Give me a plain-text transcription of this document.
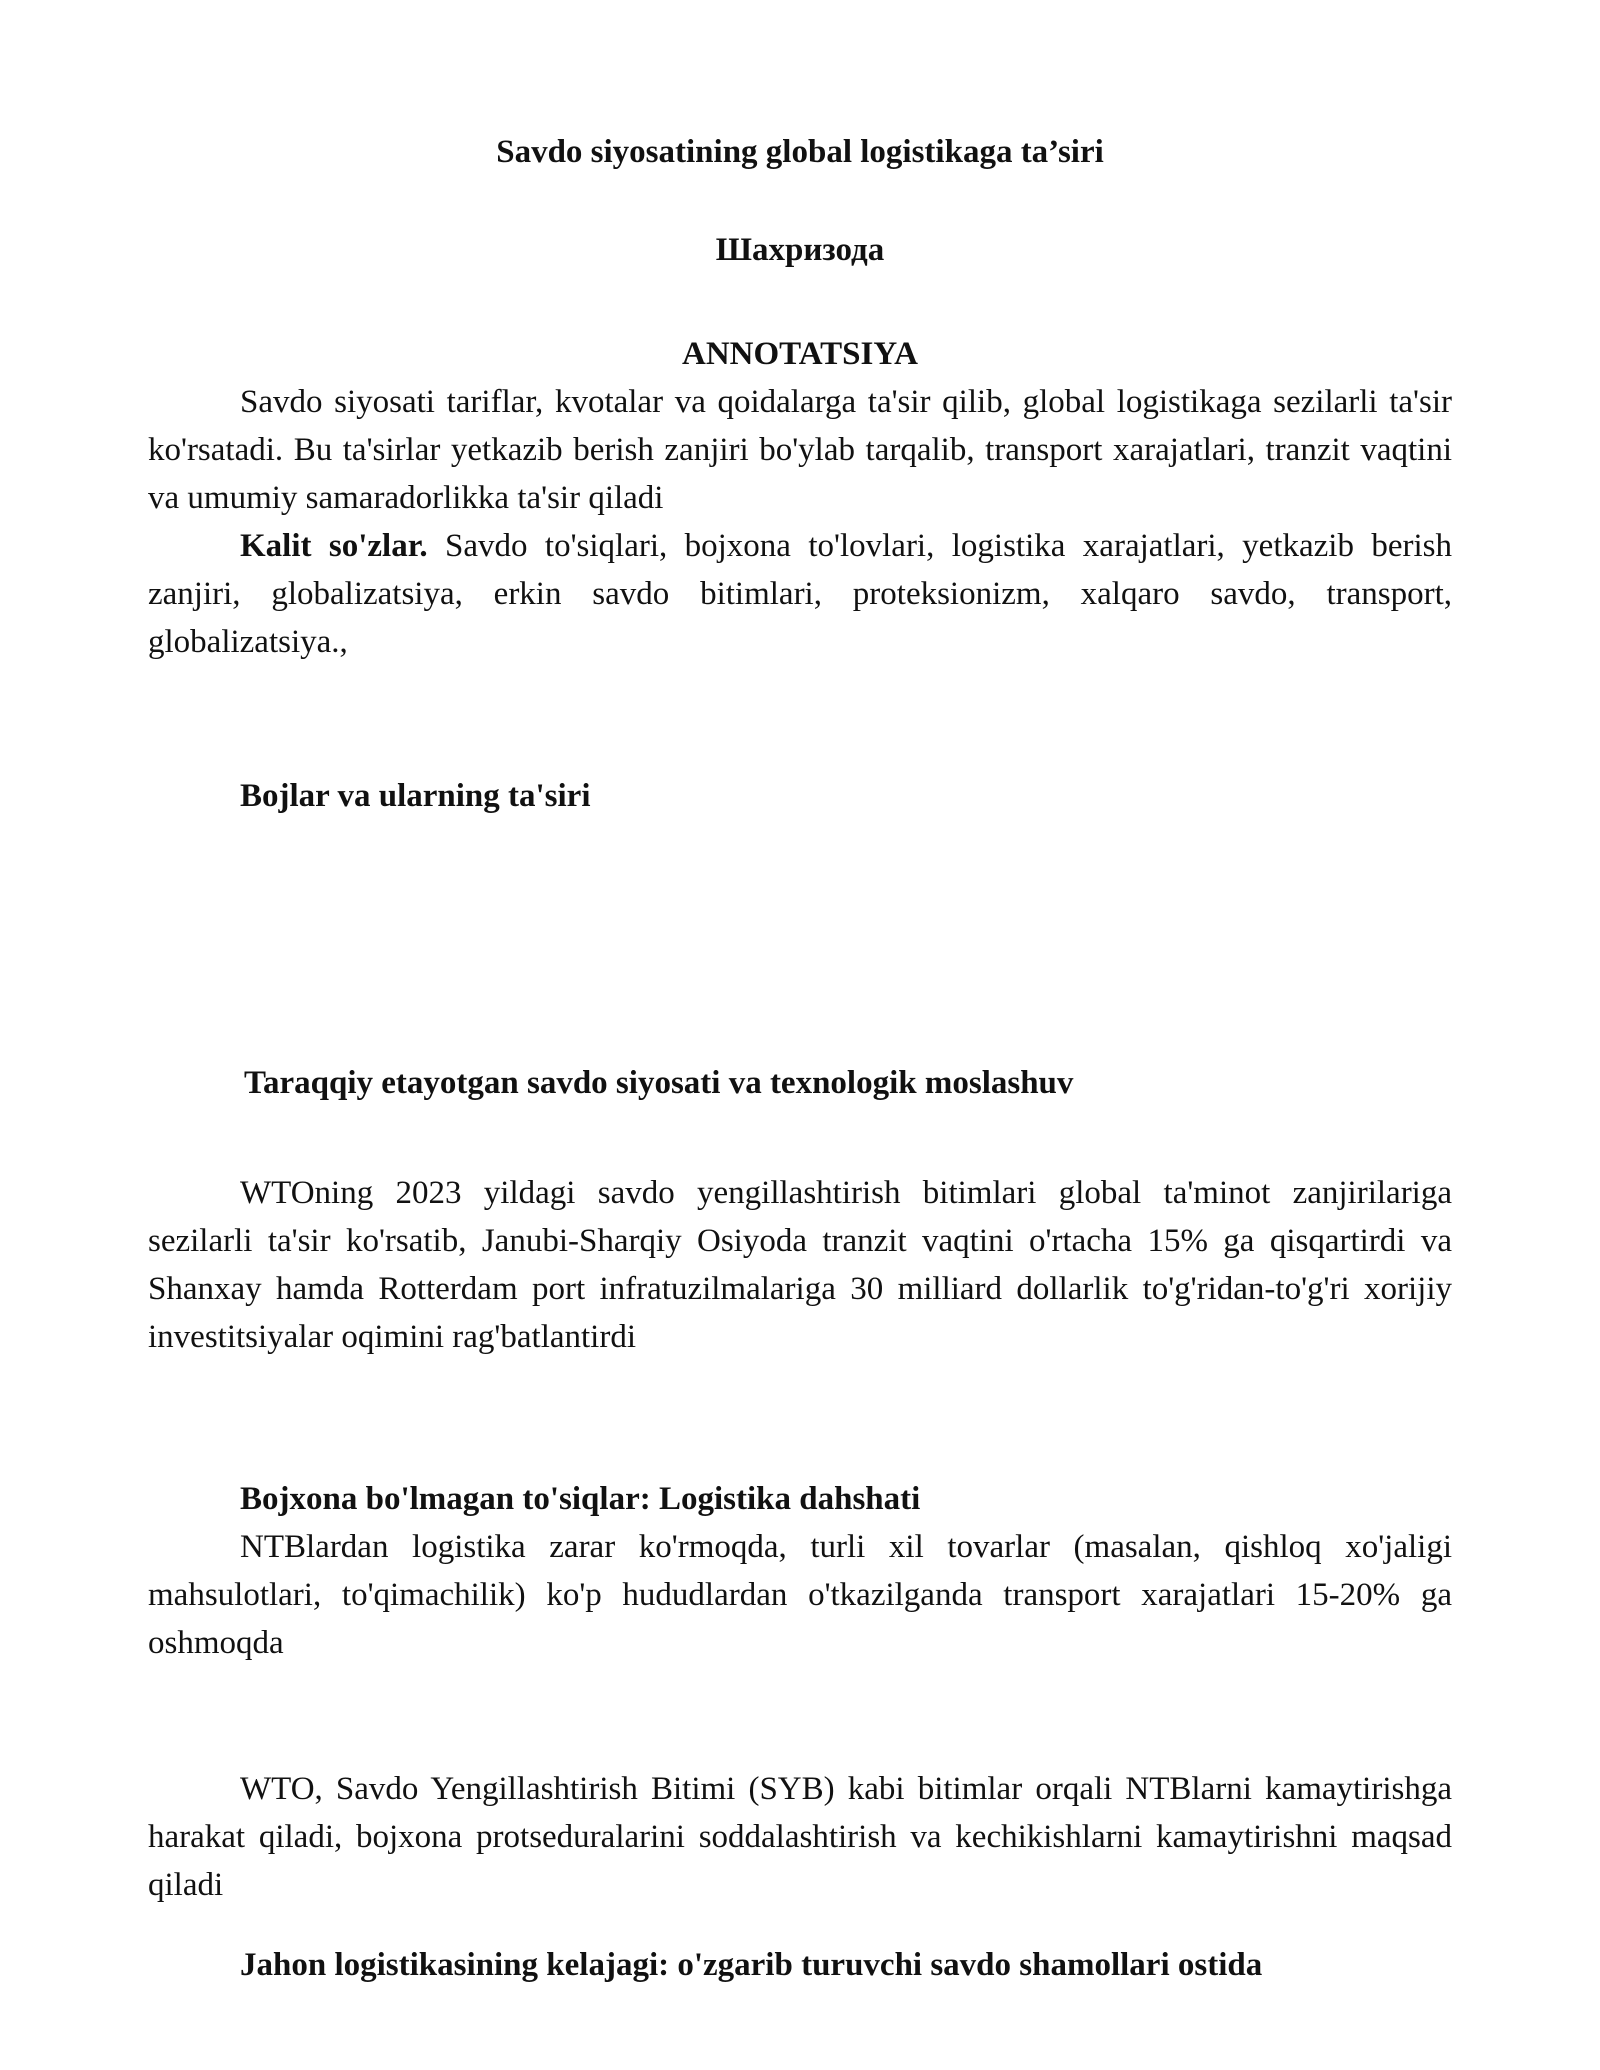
Savdo siyosatining global logistikaga ta’siri

Шахризода

ANNOTATSIYA

Savdo siyosati tariflar, kvotalar va qoidalarga ta'sir qilib, global logistikaga sezilarli ta'sir ko'rsatadi. Bu ta'sirlar yetkazib berish zanjiri bo'ylab tarqalib, transport xarajatlari, tranzit vaqtini va umumiy samaradorlikka ta'sir qiladi

Kalit so'zlar. Savdo to'siqlari, bojxona to'lovlari, logistika xarajatlari, yetkazib berish zanjiri, globalizatsiya, erkin savdo bitimlari, proteksionizm, xalqaro savdo, transport, globalizatsiya.,

Bojlar va ularning ta'siri

Taraqqiy etayotgan savdo siyosati va texnologik moslashuv

WTOning 2023 yildagi savdo yengillashtirish bitimlari global ta'minot zanjirilariga sezilarli ta'sir ko'rsatib, Janubi-Sharqiy Osiyoda tranzit vaqtini o'rtacha 15% ga qisqartirdi va Shanxay hamda Rotterdam port infratuzilmalariga 30 milliard dollarlik to'g'ridan-to'g'ri xorijiy investitsiyalar oqimini rag'batlantirdi

Bojxona bo'lmagan to'siqlar: Logistika dahshati

NTBlardan logistika zarar ko'rmoqda, turli xil tovarlar (masalan, qishloq xo'jaligi mahsulotlari, to'qimachilik) ko'p hududlardan o'tkazilganda transport xarajatlari 15-20% ga oshmoqda

WTO, Savdo Yengillashtirish Bitimi (SYB) kabi bitimlar orqali NTBlarni kamaytirishga harakat qiladi, bojxona protseduralarini soddalashtirish va kechikishlarni kamaytirishni maqsad qiladi

Jahon logistikasining kelajagi: o'zgarib turuvchi savdo shamollari ostida
